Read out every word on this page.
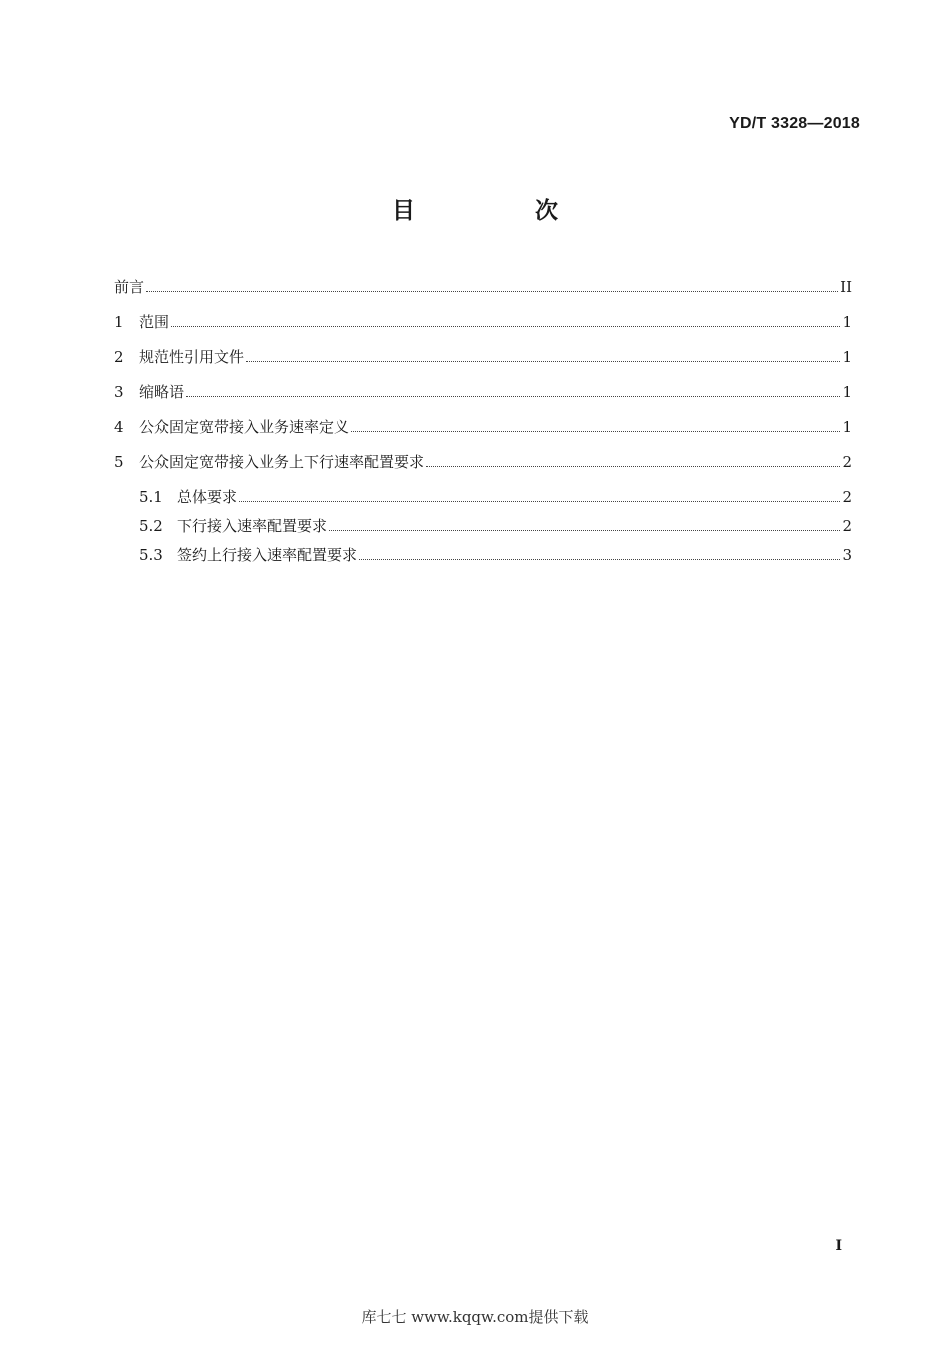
YD/T 3328—2018
目 次
前言	II
1	范围	1
2	规范性引用文件	1
3	缩略语	1
4	公众固定宽带接入业务速率定义	1
5	公众固定宽带接入业务上下行速率配置要求	2
5.1 总体要求	2
5.2 下行接入速率配置要求	2
5.3 签约上行接入速率配置要求	3
I
库七七 www.kqqw.com提供下载
